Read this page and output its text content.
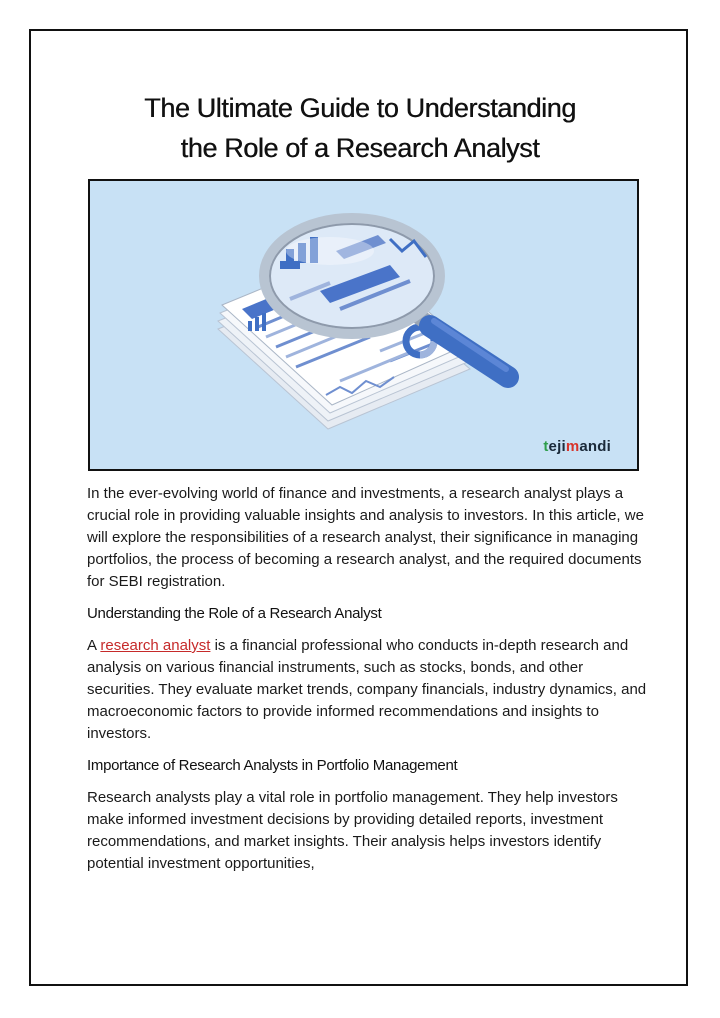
The Ultimate Guide to Understanding
the Role of a Research Analyst
tejimandi

In the ever-evolving world of finance and investments, a research analyst plays a crucial role in providing valuable insights and analysis to investors. In this article, we will explore the responsibilities of a research analyst, their significance in managing portfolios, the process of becoming a research analyst, and the required documents for SEBI registration.

Understanding the Role of a Research Analyst

A research analyst is a financial professional who conducts in-depth research and analysis on various financial instruments, such as stocks, bonds, and other securities. They evaluate market trends, company financials, industry dynamics, and macroeconomic factors to provide informed recommendations and insights to investors.

Importance of Research Analysts in Portfolio Management

Research analysts play a vital role in portfolio management. They help investors make informed investment decisions by providing detailed reports, investment recommendations, and market insights. Their analysis helps investors identify potential investment opportunities,
